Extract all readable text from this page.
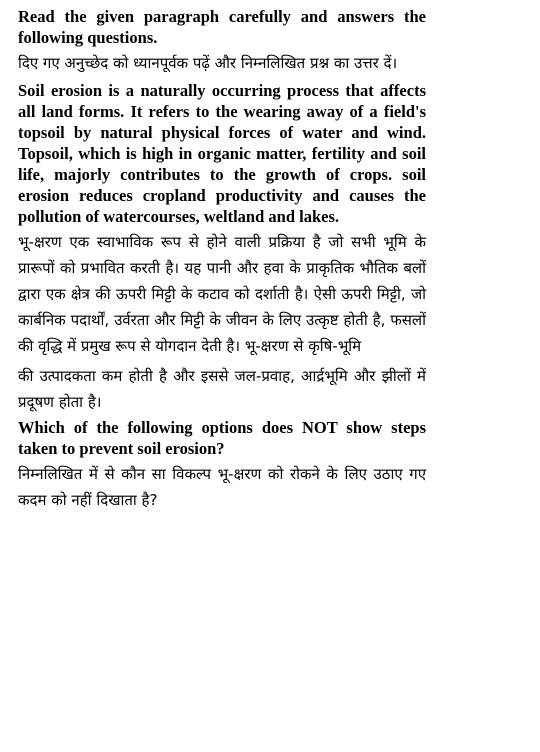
Read the given paragraph carefully and answers the following questions.

दिए गए अनुच्छेद को ध्यानपूर्वक पढ़ें और निम्नलिखित प्रश्न का उत्तर दें।

Soil erosion is a naturally occurring process that affects all land forms. It refers to the wearing away of a field's topsoil by natural physical forces of water and wind. Topsoil, which is high in organic matter, fertility and soil life, majorly contributes to the growth of crops. soil erosion reduces cropland productivity and causes the pollution of watercourses, weltland and lakes.

भू-क्षरण एक स्वाभाविक रूप से होने वाली प्रक्रिया है जो सभी भूमि के प्रारूपों को प्रभावित करती है। यह पानी और हवा के प्राकृतिक भौतिक बलों द्वारा एक क्षेत्र की ऊपरी मिट्टी के कटाव को दर्शाती है। ऐसी ऊपरी मिट्टी, जो कार्बनिक पदार्थों, उर्वरता और मिट्टी के जीवन के लिए उत्कृष्ट होती है, फसलों की वृद्धि में प्रमुख रूप से योगदान देती है। भू-क्षरण से कृषि-भूमि

की उत्पादकता कम होती है और इससे जल-प्रवाह, आर्द्रभूमि और झीलों में प्रदूषण होता है।

Which of the following options does NOT show steps taken to prevent soil erosion?

निम्नलिखित में से कौन सा विकल्प भू-क्षरण को रोकने के लिए उठाए गए कदम को नहीं दिखाता है?
